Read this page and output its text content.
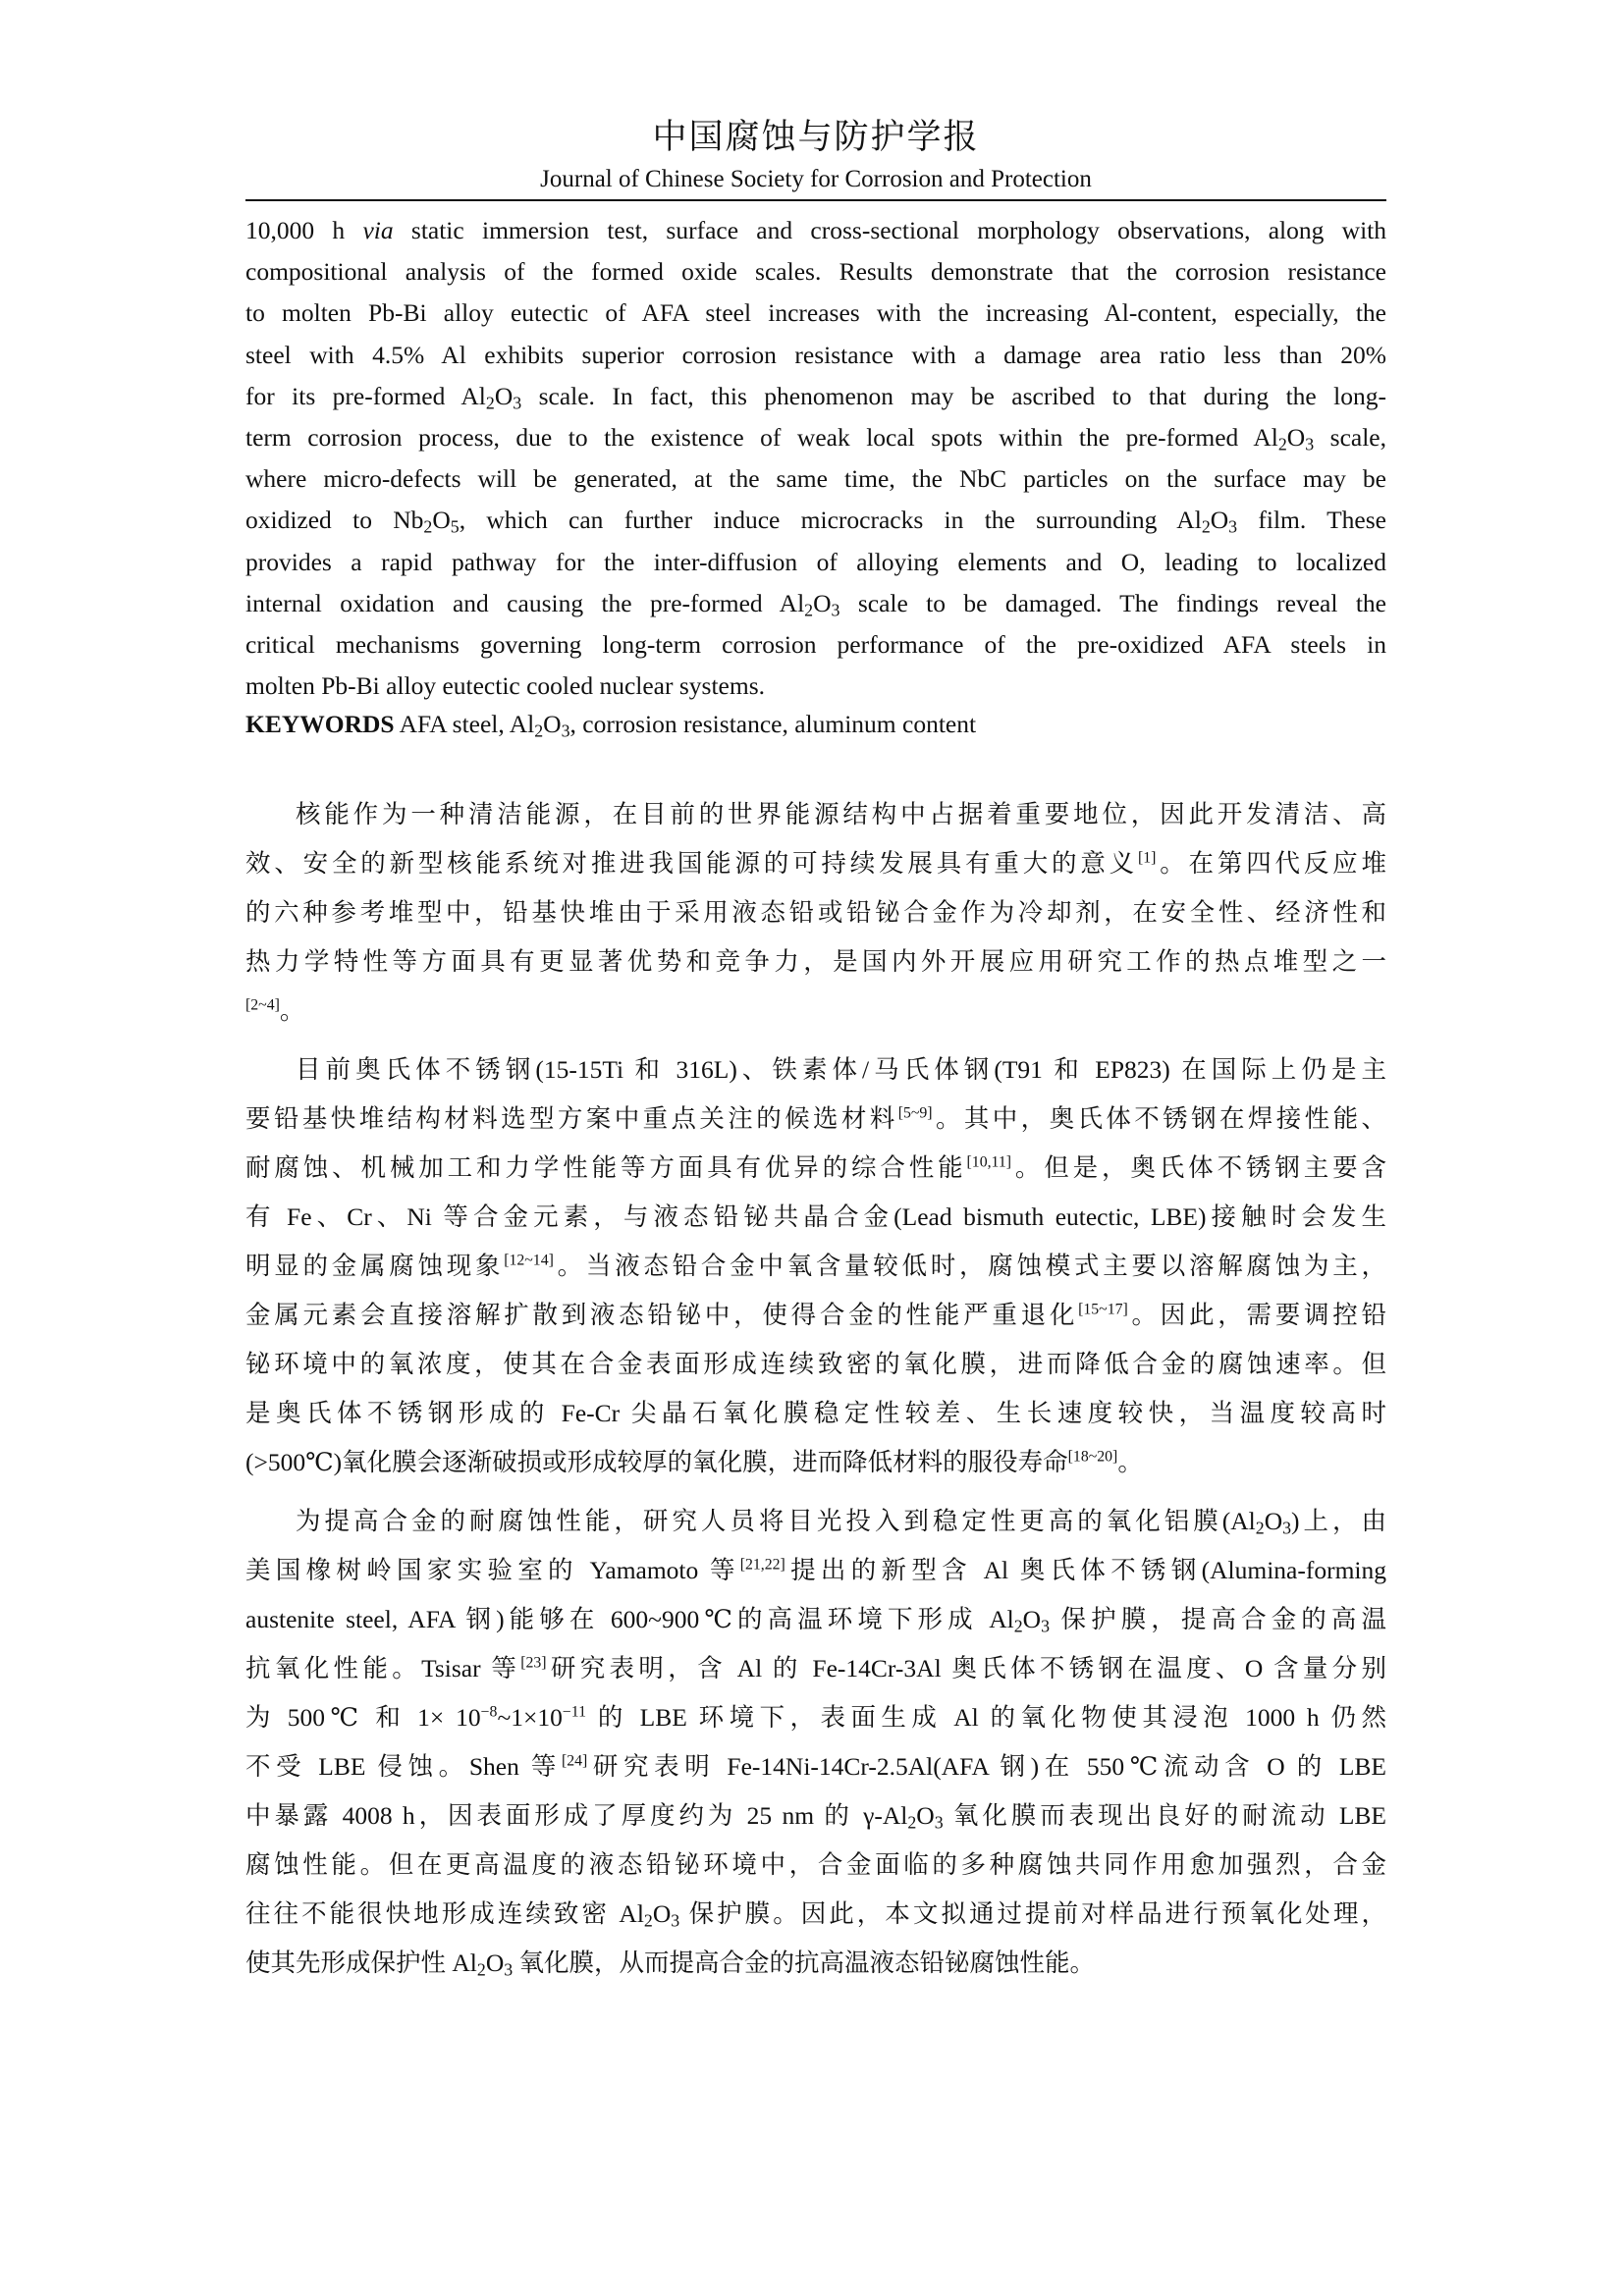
中国腐蚀与防护学报
Journal of Chinese Society for Corrosion and Protection
10,000 h via static immersion test, surface and cross-sectional morphology observations, along with
compositional analysis of the formed oxide scales. Results demonstrate that the corrosion resistance
to molten Pb-Bi alloy eutectic of AFA steel increases with the increasing Al-content, especially, the
steel with 4.5% Al exhibits superior corrosion resistance with a damage area ratio less than 20%
for its pre-formed $Al_2O_3$ scale. In fact, this phenomenon may be ascribed to that during the long-
term corrosion process, due to the existence of weak local spots within the pre-formed $Al_2O_3$ scale,
where micro-defects will be generated, at the same time, the NbC particles on the surface may be
oxidized to $Nb_2O_5$, which can further induce microcracks in the surrounding $Al_2O_3$ film. These
provides a rapid pathway for the inter-diffusion of alloying elements and O, leading to localized
internal oxidation and causing the pre-formed $Al_2O_3$ scale to be damaged. The findings reveal the
critical mechanisms governing long-term corrosion performance of the pre-oxidized AFA steels in
molten Pb-Bi alloy eutectic cooled nuclear systems.
KEYWORDS AFA steel, $Al_2O_3$, corrosion resistance, aluminum content
核能作为一种清洁能源，在目前的世界能源结构中占据着重要地位，因此开发清洁、高
效、安全的新型核能系统对推进我国能源的可持续发展具有重大的意义[1]。在第四代反应堆
的六种参考堆型中，铅基快堆由于采用液态铅或铅铋合金作为冷却剂，在安全性、经济性和
热力学特性等方面具有更显著优势和竞争力，是国内外开展应用研究工作的热点堆型之一
[2~4]。
目前奥氏体不锈钢(15-15Ti 和 316L)、铁素体/马氏体钢(T91 和 EP823) 在国际上仍是主
要铅基快堆结构材料选型方案中重点关注的候选材料[5~9]。其中，奥氏体不锈钢在焊接性能、
耐腐蚀、机械加工和力学性能等方面具有优异的综合性能[10,11]。但是，奥氏体不锈钢主要含
有 Fe、Cr、Ni 等合金元素，与液态铅铋共晶合金(Lead bismuth eutectic, LBE)接触时会发生
明显的金属腐蚀现象[12~14]。当液态铅合金中氧含量较低时，腐蚀模式主要以溶解腐蚀为主，
金属元素会直接溶解扩散到液态铅铋中，使得合金的性能严重退化[15~17]。因此，需要调控铅
铋环境中的氧浓度，使其在合金表面形成连续致密的氧化膜，进而降低合金的腐蚀速率。但
是奥氏体不锈钢形成的 Fe-Cr 尖晶石氧化膜稳定性较差、生长速度较快，当温度较高时
(>500℃)氧化膜会逐渐破损或形成较厚的氧化膜，进而降低材料的服役寿命[18~20]。
为提高合金的耐腐蚀性能，研究人员将目光投入到稳定性更高的氧化铝膜$(Al_2O_3)$上，由
美国橡树岭国家实验室的 Yamamoto 等[21,22]提出的新型含 Al 奥氏体不锈钢(Alumina-forming
austenite steel, AFA 钢)能够在 600~900℃的高温环境下形成 $Al_2O_3$ 保护膜，提高合金的高温
抗氧化性能。Tsisar 等[23]研究表明，含 Al 的 Fe-14Cr-3Al 奥氏体不锈钢在温度、O 含量分别
为 500℃ 和 $1\times 10^{-8}\sim 1\times 10^{-11}$ 的 LBE 环境下，表面生成 Al 的氧化物使其浸泡 1000 h 仍然
不受 LBE 侵蚀。Shen 等[24]研究表明 Fe-14Ni-14Cr-2.5Al(AFA 钢)在 550℃流动含 O 的 LBE
中暴露 4008 h，因表面形成了厚度约为 25 nm 的 $\gamma-Al_2O_3$ 氧化膜而表现出良好的耐流动 LBE
腐蚀性能。但在更高温度的液态铅铋环境中，合金面临的多种腐蚀共同作用愈加强烈，合金
往往不能很快地形成连续致密 $Al_2O_3$ 保护膜。因此，本文拟通过提前对样品进行预氧化处理，
使其先形成保护性 $Al_2O_3$ 氧化膜，从而提高合金的抗高温液态铅铋腐蚀性能。
